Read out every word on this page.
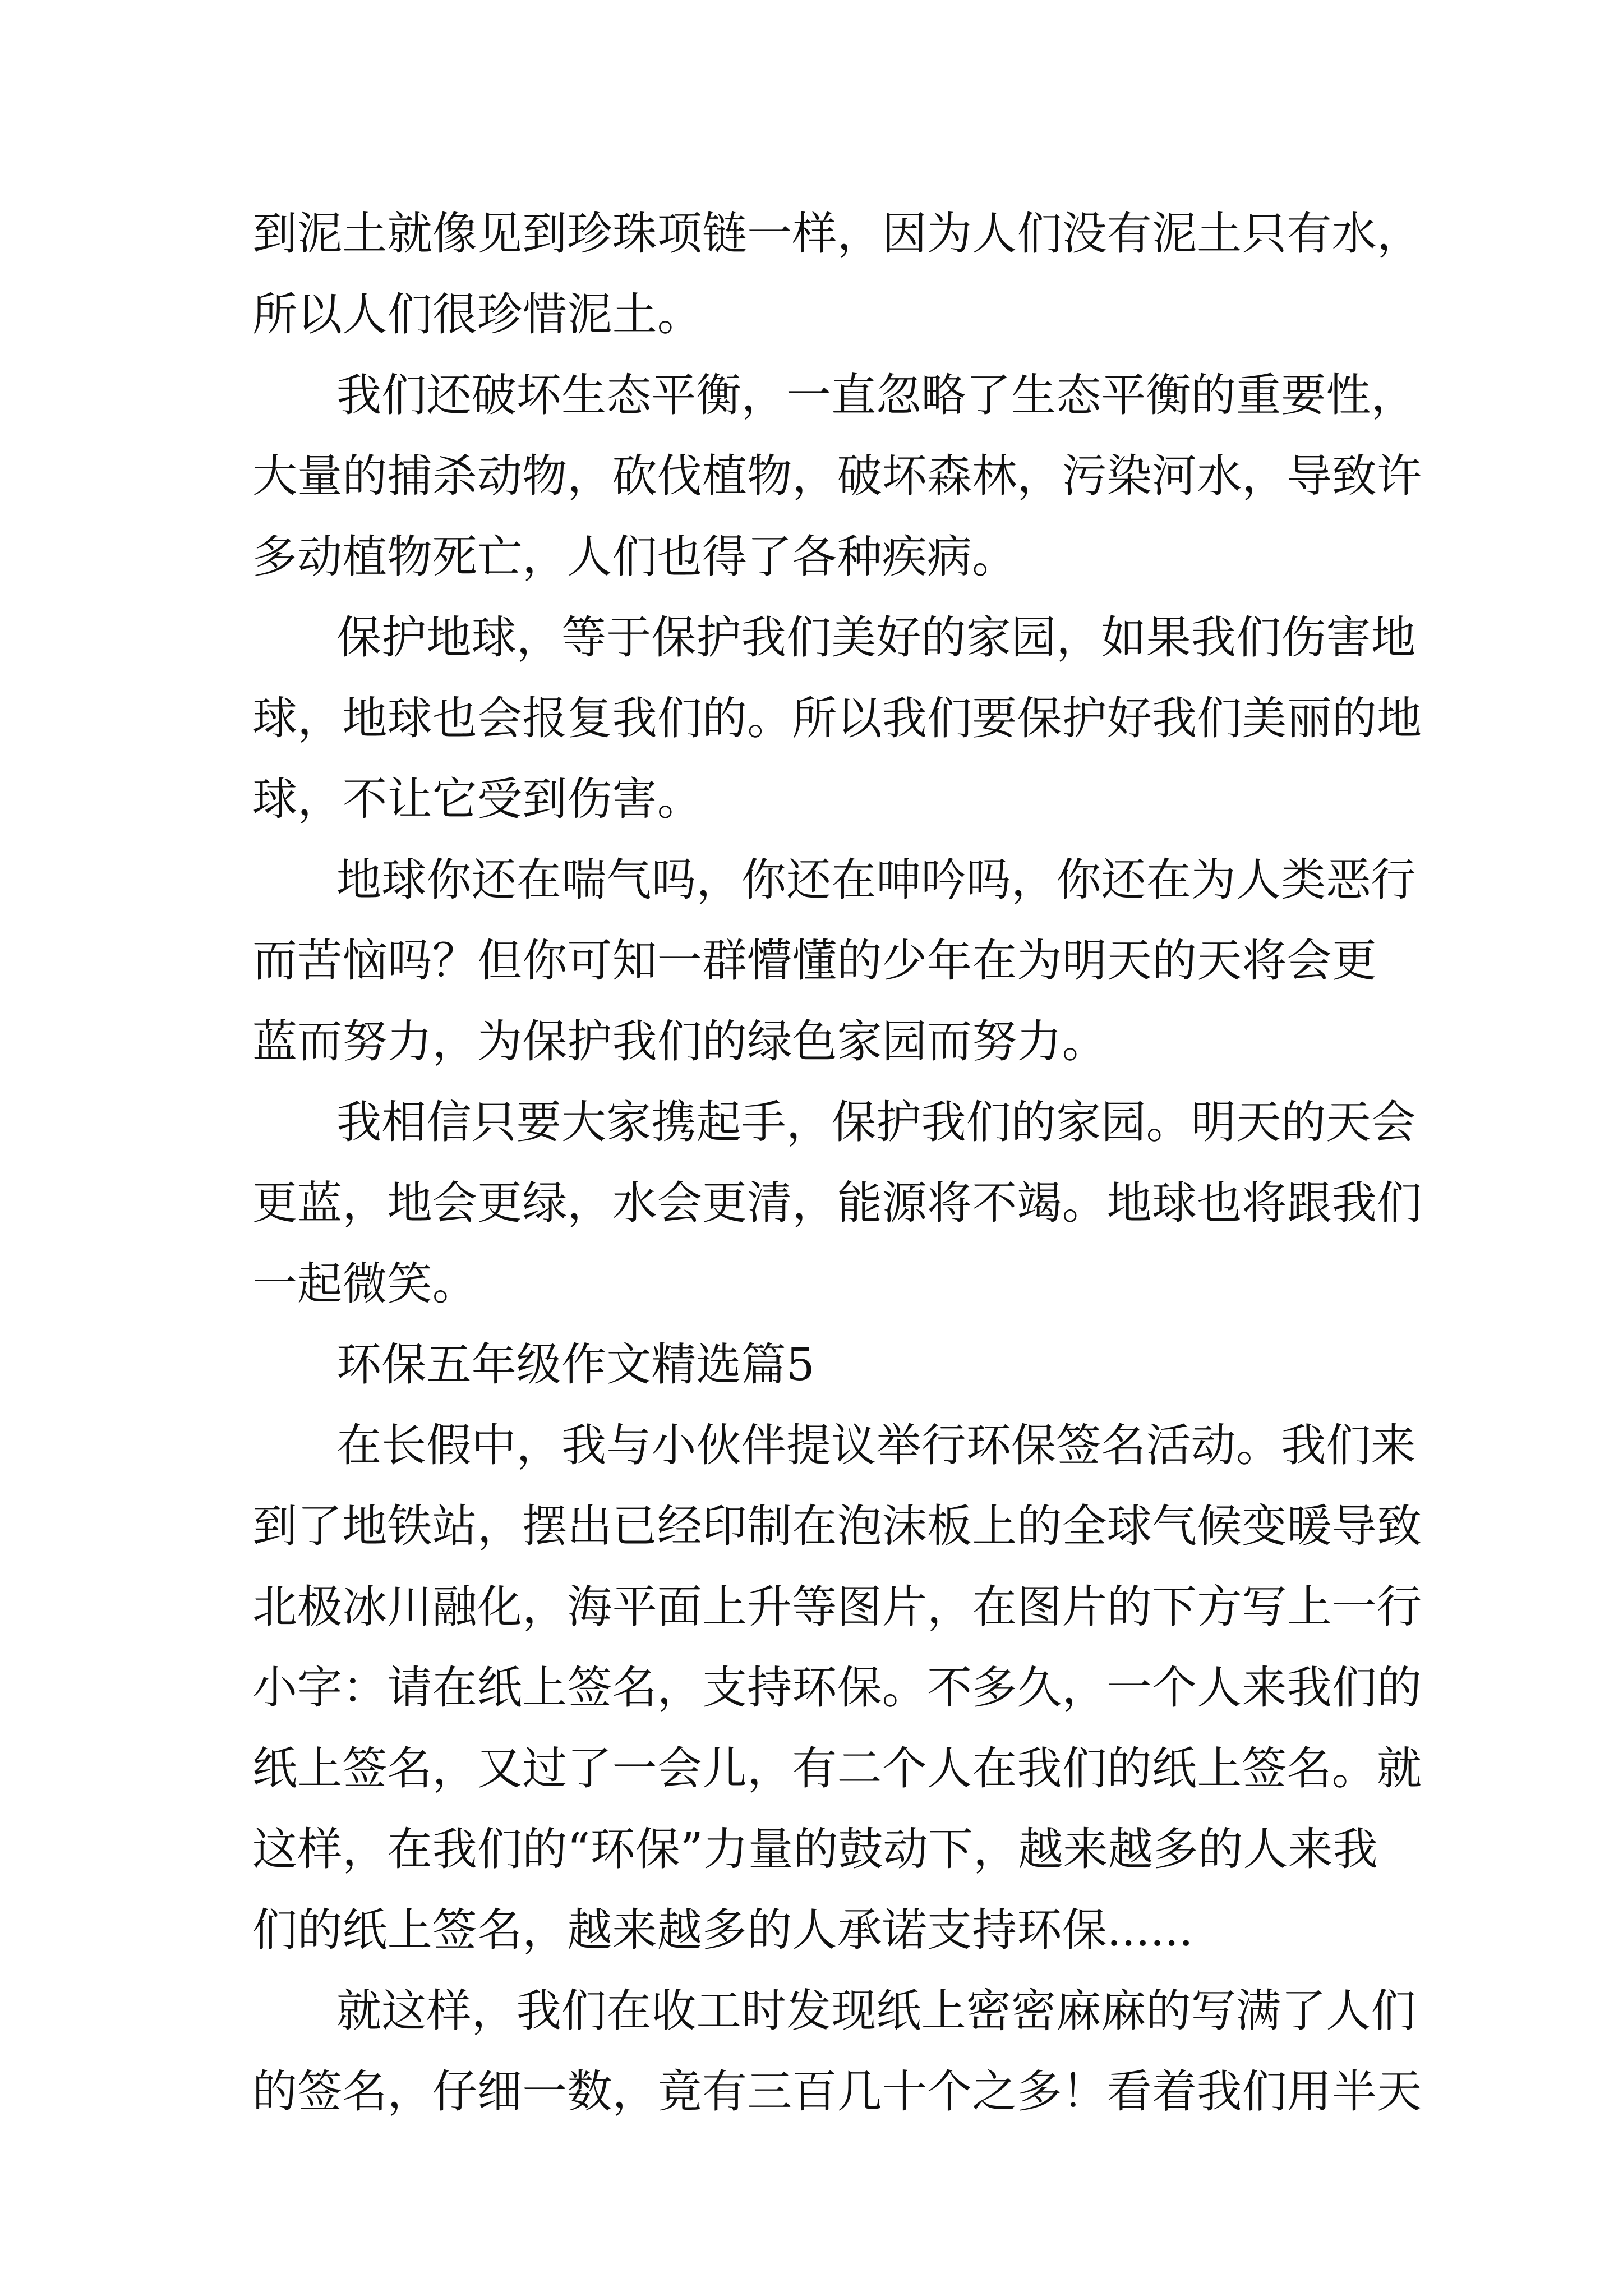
到泥土就像见到珍珠项链一样，因为人们没有泥土只有水，
所以人们很珍惜泥土。
我们还破坏生态平衡，一直忽略了生态平衡的重要性，
大量的捕杀动物，砍伐植物，破坏森林，污染河水，导致许
多动植物死亡，人们也得了各种疾病。
保护地球，等于保护我们美好的家园，如果我们伤害地
球，地球也会报复我们的。所以我们要保护好我们美丽的地
球，不让它受到伤害。
地球你还在喘气吗，你还在呻吟吗，你还在为人类恶行
而苦恼吗？但你可知一群懵懂的少年在为明天的天将会更
蓝而努力，为保护我们的绿色家园而努力。
我相信只要大家携起手，保护我们的家园。明天的天会
更蓝，地会更绿，水会更清，能源将不竭。地球也将跟我们
一起微笑。
环保五年级作文精选篇5
在长假中，我与小伙伴提议举行环保签名活动。我们来
到了地铁站，摆出已经印制在泡沫板上的全球气候变暖导致
北极冰川融化，海平面上升等图片，在图片的下方写上一行
小字：请在纸上签名，支持环保。不多久，一个人来我们的
纸上签名，又过了一会儿，有二个人在我们的纸上签名。就
这样，在我们的“环保”力量的鼓动下，越来越多的人来我
们的纸上签名，越来越多的人承诺支持环保......
就这样，我们在收工时发现纸上密密麻麻的写满了人们
的签名，仔细一数，竟有三百几十个之多！看着我们用半天
